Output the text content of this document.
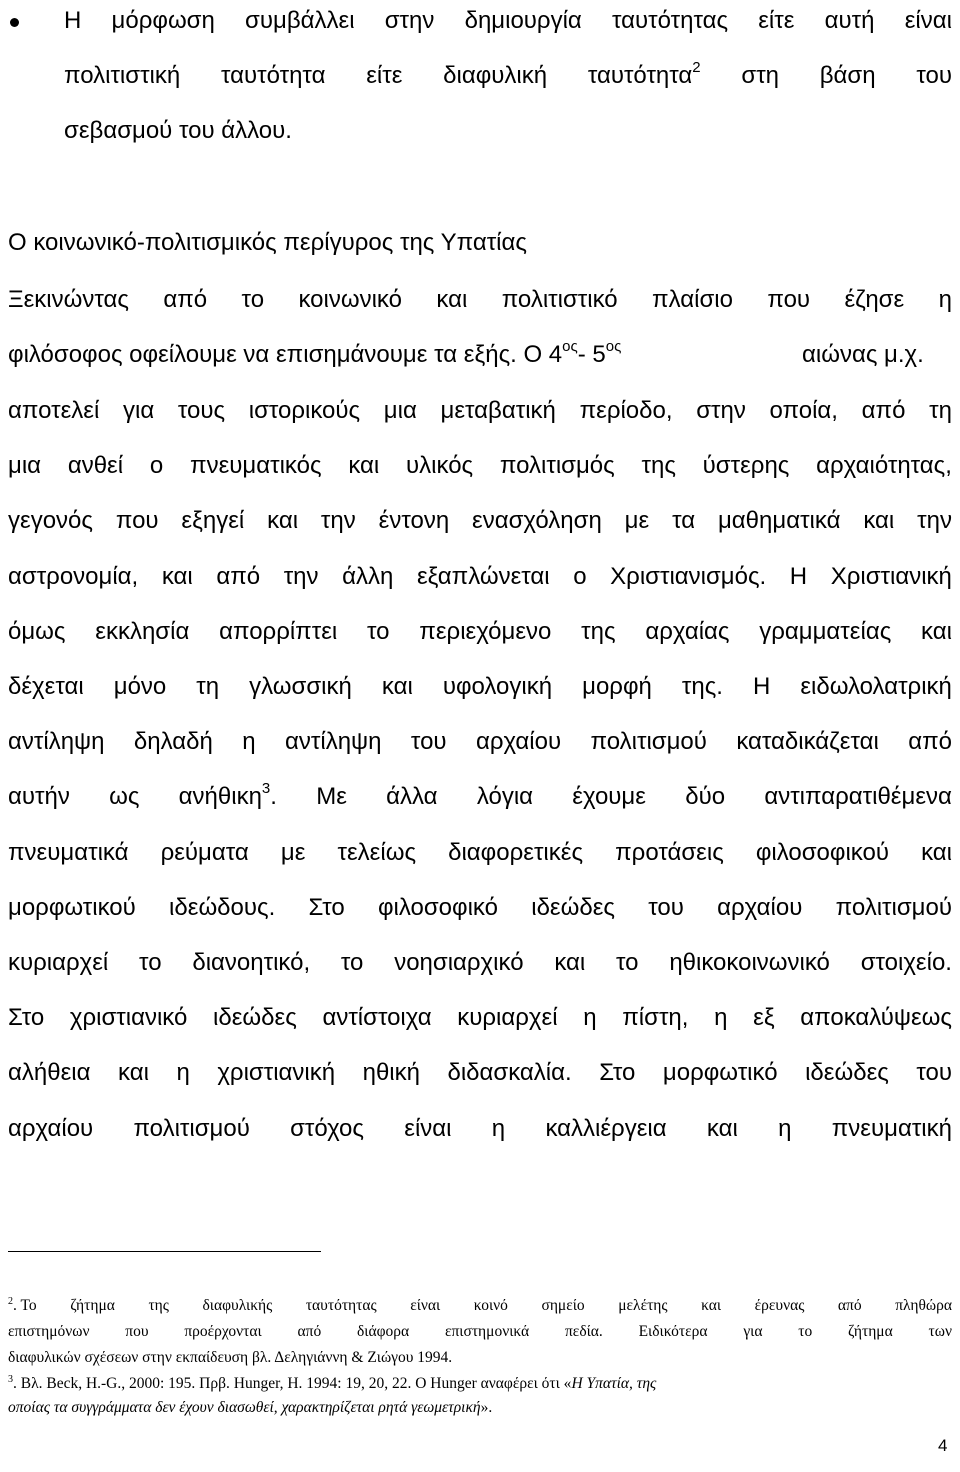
Η μόρφωση συμβάλλει στην δημιουργία ταυτότητας είτε αυτή είναι
πολιτιστική ταυτότητα είτε διαφυλική ταυτότητα$^2$ στη βάση του
σεβασμού του άλλου.
Ο κοινωνικό-πολιτισμικός περίγυρος της Υπατίας
Ξεκινώντας από το κοινωνικό και πολιτιστικό πλαίσιο που έζησε η
φιλόσοφος οφείλουμε να επισημάνουμε τα εξής. Ο $4^{o\varsigma}-$ $5^{o\varsigma}$	αιώνας μ.χ.
αποτελεί για τους ιστορικούς μια μεταβατική περίοδο, στην οποία, από τη
μια ανθεί ο πνευματικός και υλικός πολιτισμός της ύστερης αρχαιότητας,
γεγονός που εξηγεί και την έντονη ενασχόληση με τα μαθηματικά και την
αστρονομία, και από την άλλη εξαπλώνεται ο Χριστιανισμός. Η Χριστιανική
όμως εκκλησία απορρίπτει το περιεχόμενο της αρχαίας γραμματείας και
δέχεται μόνο τη γλωσσική και υφολογική μορφή της. Η ειδωλολατρική
αντίληψη δηλαδή η αντίληψη του αρχαίου πολιτισμού καταδικάζεται από
αυτήν ως ανήθικη$^3$. Με άλλα λόγια έχουμε δύο αντιπαρατιθέμενα
πνευματικά ρεύματα με τελείως διαφορετικές προτάσεις φιλοσοφικού και
μορφωτικού ιδεώδους. Στο φιλοσοφικό ιδεώδες του αρχαίου πολιτισμού
κυριαρχεί το διανοητικό, το νοησιαρχικό και το ηθικοκοινωνικό στοιχείο.
Στο χριστιανικό ιδεώδες αντίστοιχα κυριαρχεί η πίστη, η εξ αποκαλύψεως
αλήθεια και η χριστιανική ηθική διδασκαλία. Στο μορφωτικό ιδεώδες του
αρχαίου πολιτισμού στόχος είναι η καλλιέργεια και η πνευματική
$^2$. Το ζήτημα της διαφυλικής ταυτότητας είναι κοινό σημείο μελέτης και έρευνας από πληθώρα
επιστημόνων που προέρχονται από διάφορα επιστημονικά πεδία. Ειδικότερα για το ζήτημα των
διαφυλικών σχέσεων στην εκπαίδευση βλ. Δεληγιάννη & Ζιώγου 1994.
$^3$. Βλ. Beck, H.-G., 2000: 195. Πρβ. Hunger, H. 1994: 19, 20, 22. Ο Hunger αναφέρει ότι «Η Υπατία, της
οποίας τα συγγράμματα δεν έχουν διασωθεί, χαρακτηρίζεται ρητά γεωμετρική».
4
